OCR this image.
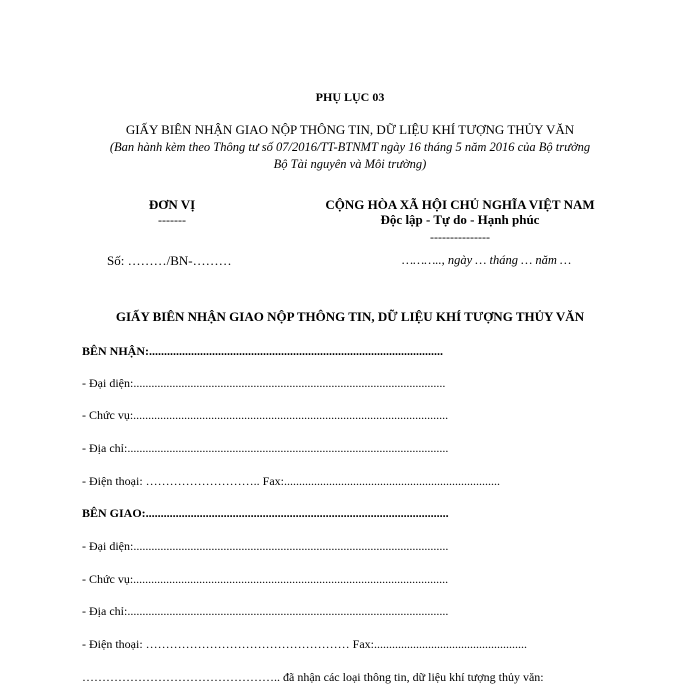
PHỤ LỤC 03
GIẤY BIÊN NHẬN GIAO NỘP THÔNG TIN, DỮ LIỆU KHÍ TƯỢNG THỦY VĂN
(Ban hành kèm theo Thông tư số 07/2016/TT-BTNMT ngày 16 tháng 5 năm 2016 của Bộ trưởng
Bộ Tài nguyên và Môi trường)
ĐƠN VỊ
-------
Số: ………/BN-………
CỘNG HÒA XÃ HỘI CHỦ NGHĨA VIỆT NAM
Độc lập - Tự do - Hạnh phúc
---------------
……….., ngày … tháng … năm …
GIẤY BIÊN NHẬN GIAO NỘP THÔNG TIN, DỮ LIỆU KHÍ TƯỢNG THỦY VĂN
BÊN NHẬN:..................................................................................................
- Đại diện:........................................................................................................
- Chức vụ:.........................................................................................................
- Địa chỉ:...........................................................................................................
- Điện thoại: ……………………….. Fax:........................................................................
BÊN GIAO:.....................................................................................................
- Đại diện:.........................................................................................................
- Chức vụ:.........................................................................................................
- Địa chỉ:...........................................................................................................
- Điện thoại: …………………………………………… Fax:...................................................
………………………………………….. đã nhận các loại thông tin, dữ liệu khí tượng thủy văn:
